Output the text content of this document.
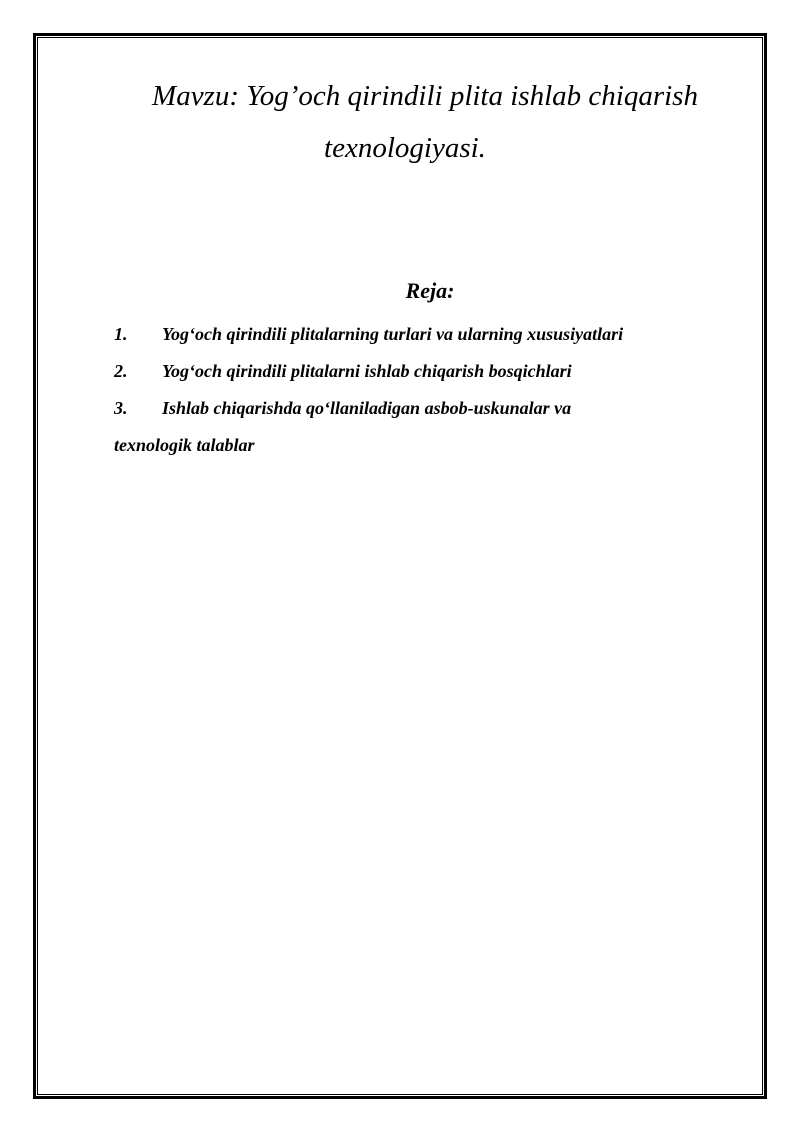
Mavzu: Yog’och qirindili plita ishlab chiqarish
texnologiyasi.
Reja:
1. Yog‘och qirindili plitalarning turlari va ularning xususiyatlari
2. Yog‘och qirindili plitalarni ishlab chiqarish bosqichlari
3. Ishlab chiqarishda qo‘llaniladigan asbob-uskunalar va
texnologik talablar
